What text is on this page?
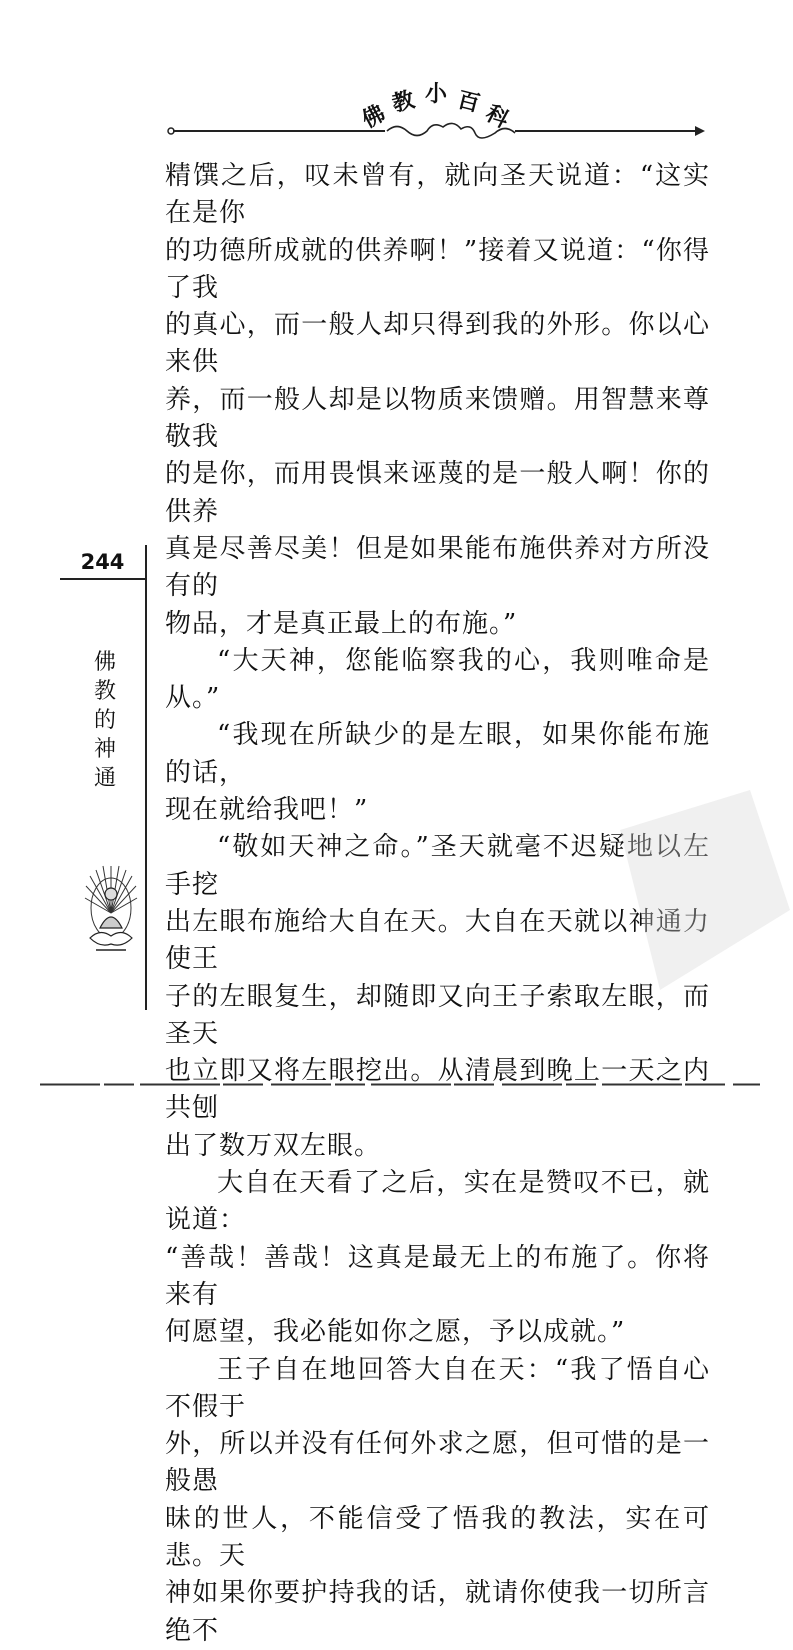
佛 教 小 百 科

精馔之后，叹未曾有，就向圣天说道：“这实在是你
的功德所成就的供养啊！”接着又说道：“你得了我
的真心，而一般人却只得到我的外形。你以心来供
养，而一般人却是以物质来馈赠。用智慧来尊敬我
的是你，而用畏惧来诬蔑的是一般人啊！你的供养
真是尽善尽美！但是如果能布施供养对方所没有的
物品，才是真正最上的布施。”

“大天神，您能临察我的心，我则唯命是从。”

“我现在所缺少的是左眼，如果你能布施的话，
现在就给我吧！”

“敬如天神之命。”圣天就毫不迟疑地以左手挖
出左眼布施给大自在天。大自在天就以神通力使王
子的左眼复生，却随即又向王子索取左眼，而圣天
也立即又将左眼挖出。从清晨到晚上一天之内共刨
出了数万双左眼。

大自在天看了之后，实在是赞叹不已，就说道：
“善哉！善哉！这真是最无上的布施了。你将来有
何愿望，我必能如你之愿，予以成就。”

王子自在地回答大自在天：“我了悟自心不假于
外，所以并没有任何外求之愿，但可惜的是一般愚
昧的世人，不能信受了悟我的教法，实在可悲。天
神如果你要护持我的话，就请你使我一切所言绝不

244
佛
教
的
神
通
